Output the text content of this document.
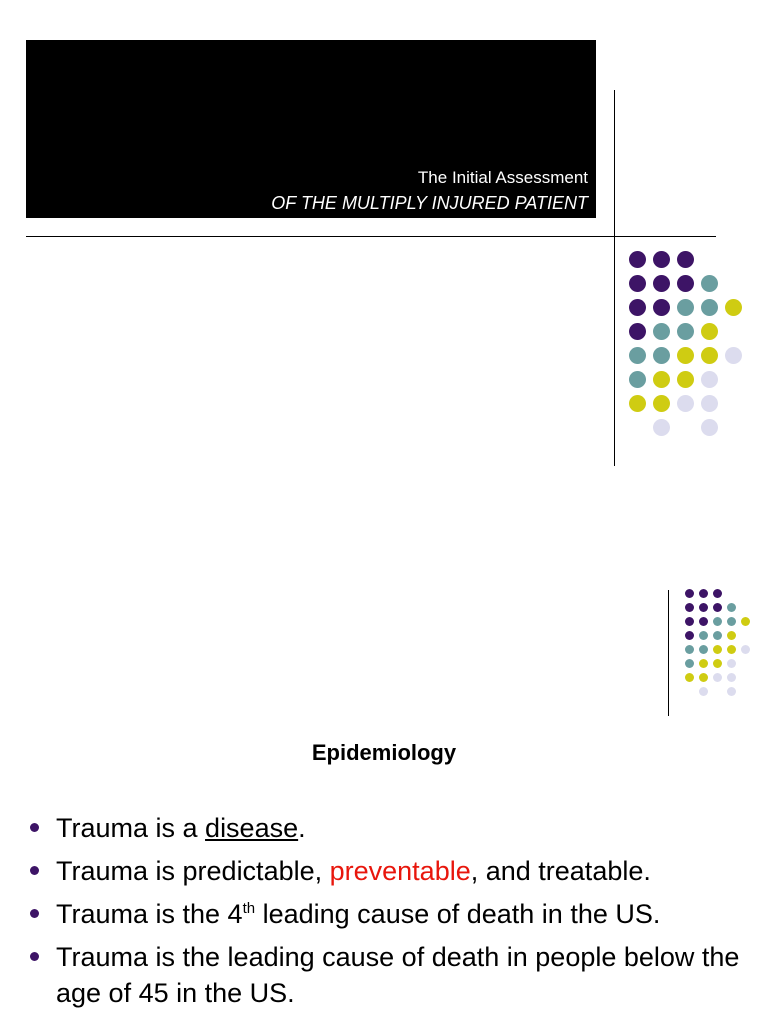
The Initial Assessment
OF THE MULTIPLY INJURED PATIENT
Epidemiology
Trauma is a disease.
Trauma is predictable, preventable, and treatable.
Trauma is the 4th leading cause of death in the US.
Trauma is the leading cause of death in people below the age of 45 in the US.
